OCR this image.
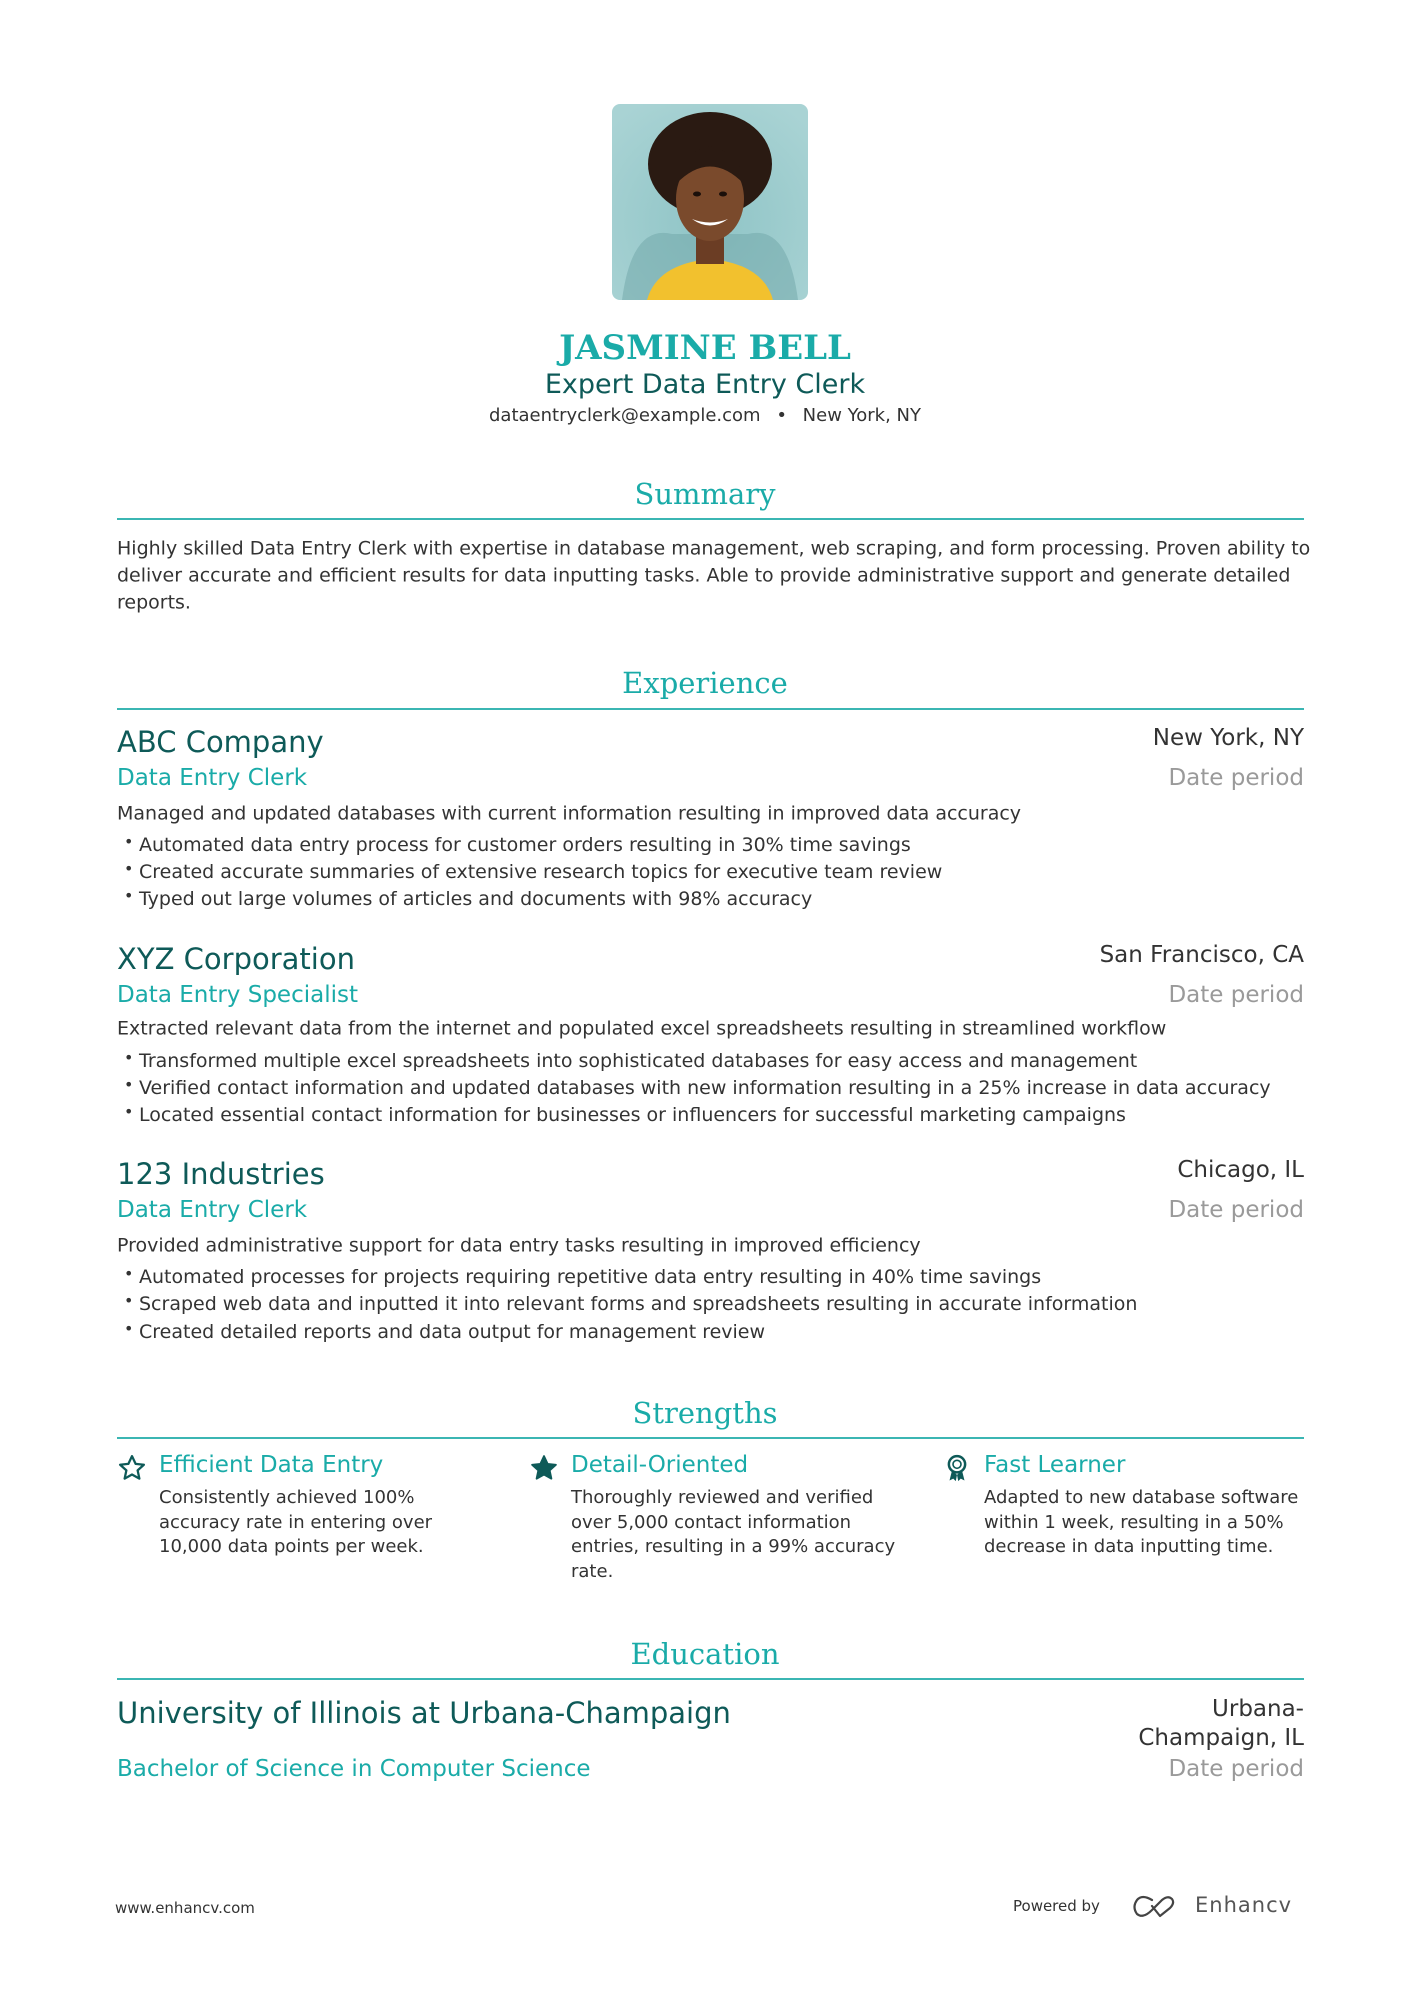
JASMINE BELL
Expert Data Entry Clerk
dataentryclerk@example.com • New York, NY
Summary
Highly skilled Data Entry Clerk with expertise in database management, web scraping, and form processing. Proven ability to
deliver accurate and efficient results for data inputting tasks. Able to provide administrative support and generate detailed
reports.
Experience
ABC Company	New York, NY
Data Entry Clerk	Date period
Managed and updated databases with current information resulting in improved data accuracy
• Automated data entry process for customer orders resulting in 30% time savings
• Created accurate summaries of extensive research topics for executive team review
• Typed out large volumes of articles and documents with 98% accuracy
XYZ Corporation	San Francisco, CA
Data Entry Specialist	Date period
Extracted relevant data from the internet and populated excel spreadsheets resulting in streamlined workflow
• Transformed multiple excel spreadsheets into sophisticated databases for easy access and management
• Verified contact information and updated databases with new information resulting in a 25% increase in data accuracy
• Located essential contact information for businesses or influencers for successful marketing campaigns
123 Industries	Chicago, IL
Data Entry Clerk	Date period
Provided administrative support for data entry tasks resulting in improved efficiency
• Automated processes for projects requiring repetitive data entry resulting in 40% time savings
• Scraped web data and inputted it into relevant forms and spreadsheets resulting in accurate information
• Created detailed reports and data output for management review
Strengths
Efficient Data Entry
Consistently achieved 100% accuracy rate in entering over 10,000 data points per week.
Detail-Oriented
Thoroughly reviewed and verified over 5,000 contact information entries, resulting in a 99% accuracy rate.
Fast Learner
Adapted to new database software within 1 week, resulting in a 50% decrease in data inputting time.
Education
University of Illinois at Urbana-Champaign	Urbana-
Champaign, IL
Bachelor of Science in Computer Science	Date period
www.enhancv.com	Powered by	Enhancv
